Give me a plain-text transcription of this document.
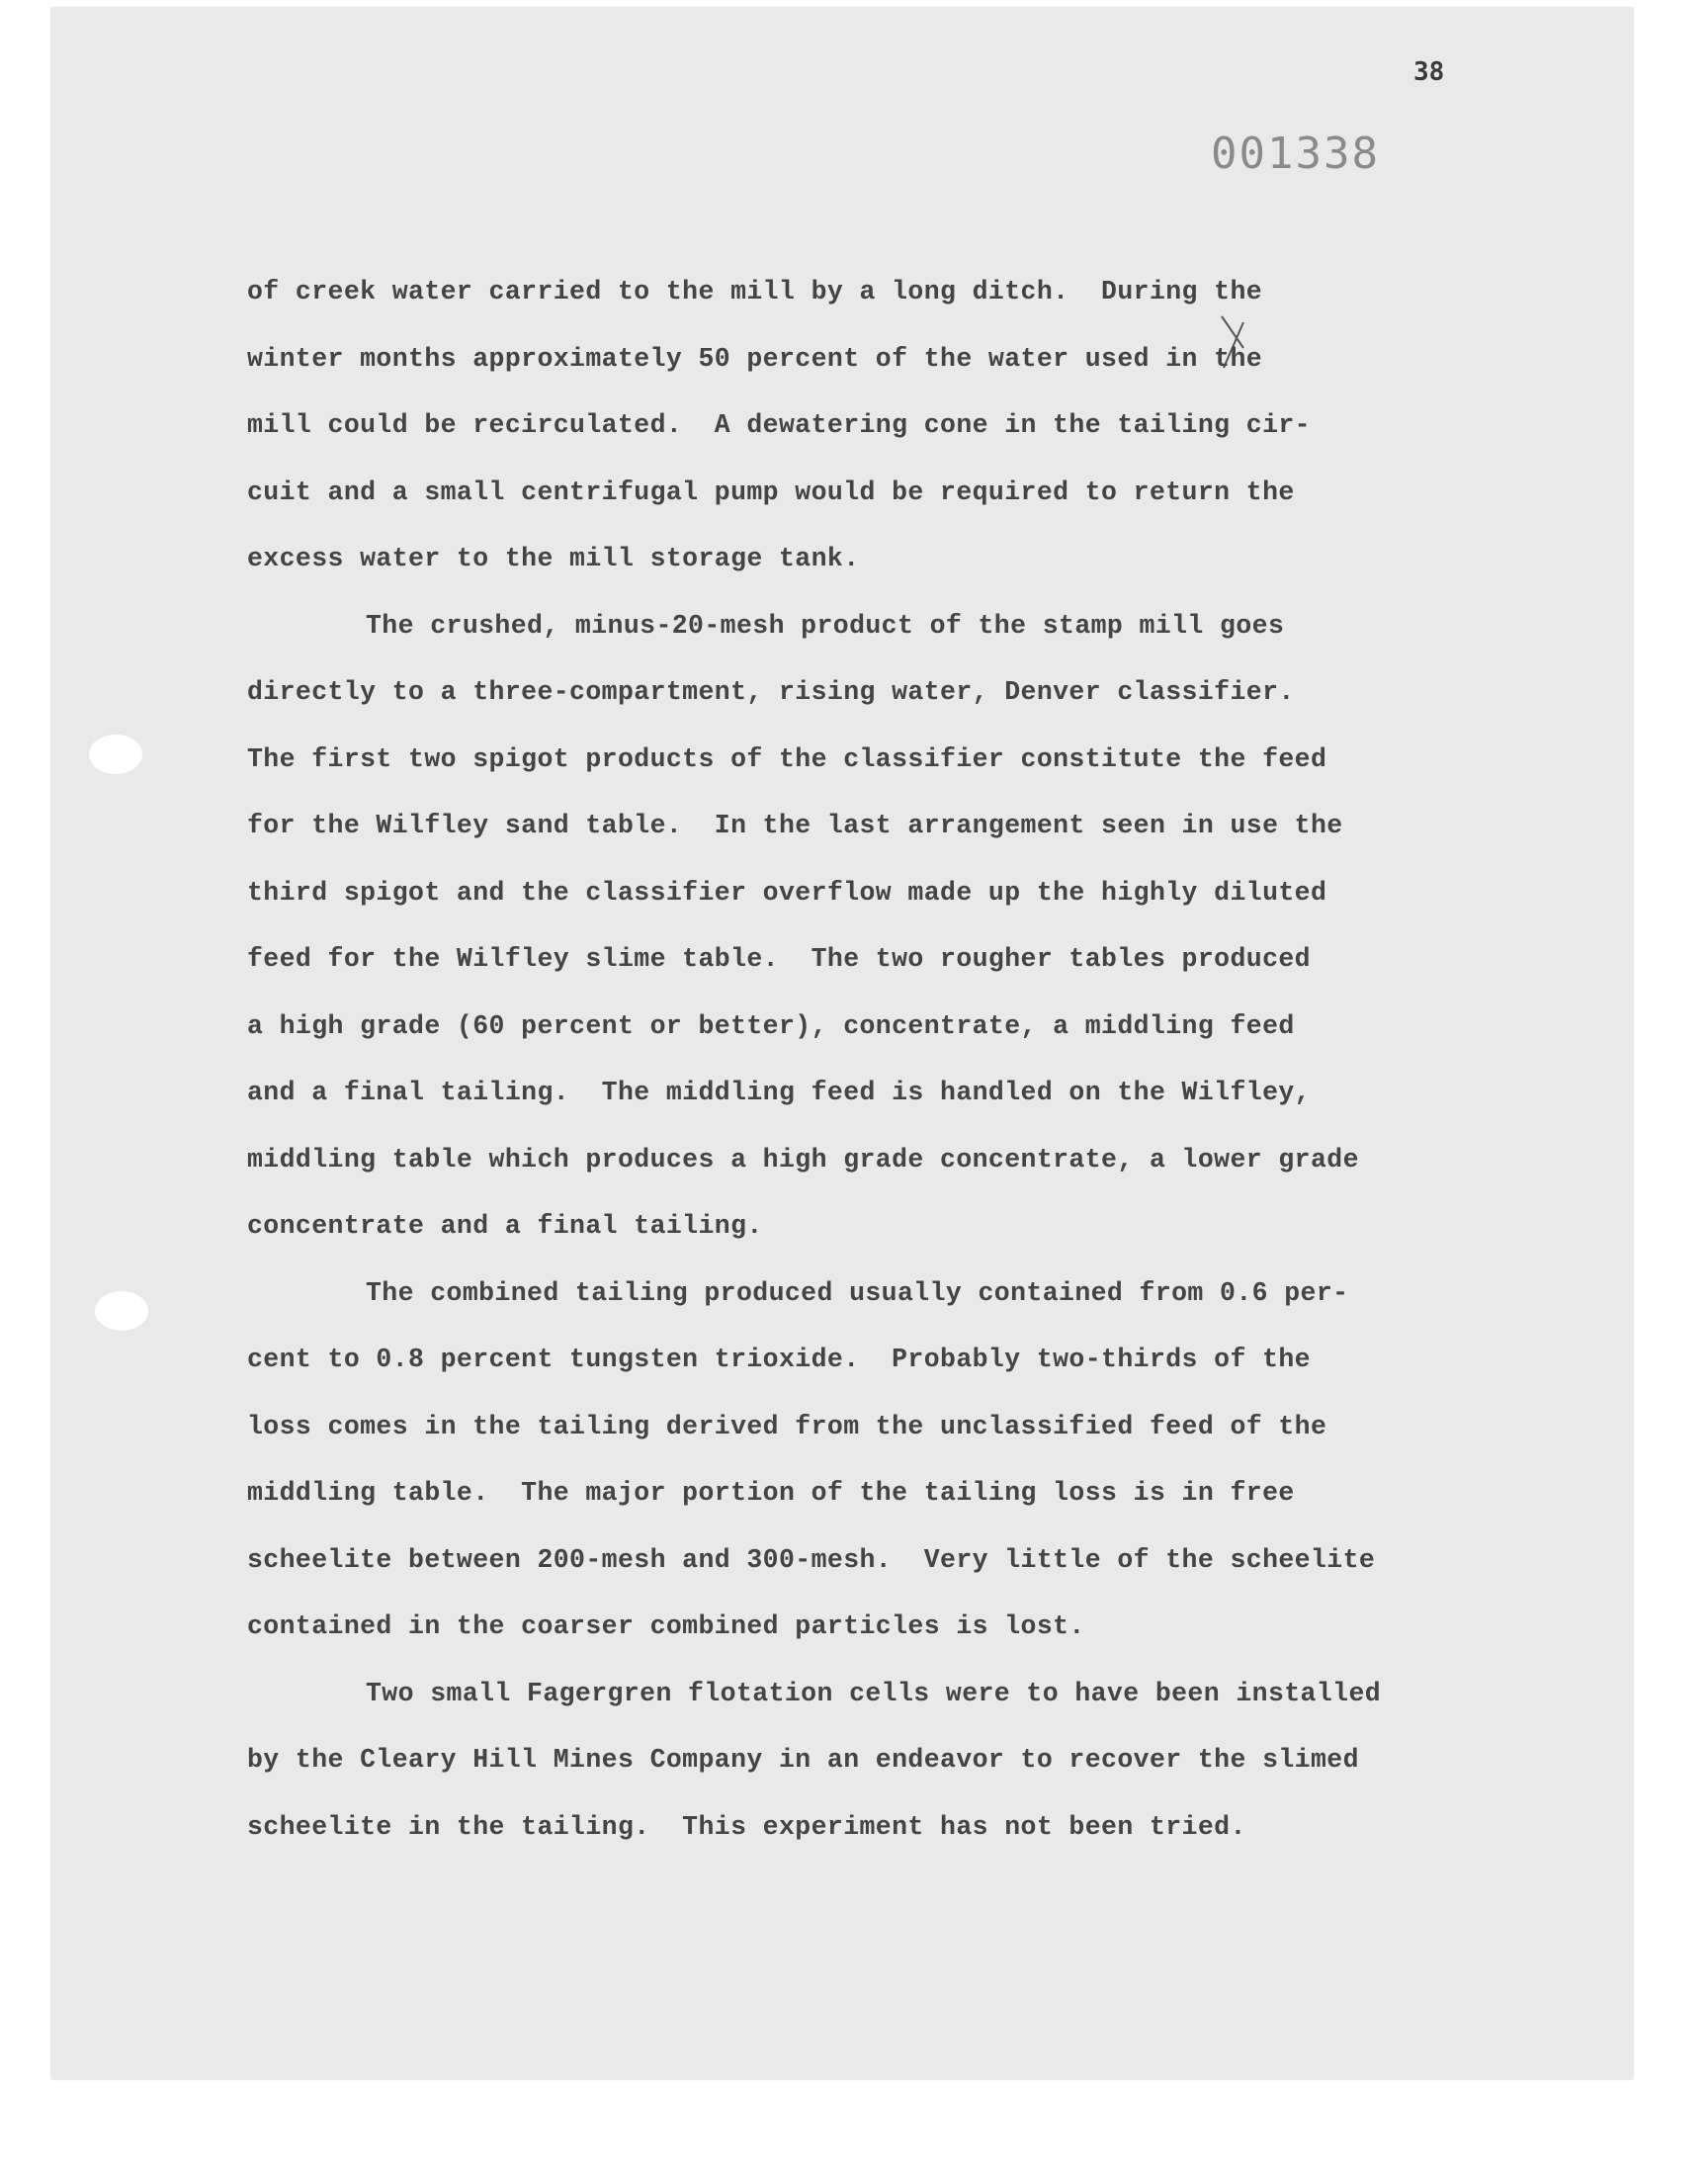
38
001338
of creek water carried to the mill by a long ditch.  During the
winter months approximately 50 percent of the water used in the
mill could be recirculated.  A dewatering cone in the tailing cir-
cuit and a small centrifugal pump would be required to return the
excess water to the mill storage tank.
The crushed, minus-20-mesh product of the stamp mill goes
directly to a three-compartment, rising water, Denver classifier.
The first two spigot products of the classifier constitute the feed
for the Wilfley sand table.  In the last arrangement seen in use the
third spigot and the classifier overflow made up the highly diluted
feed for the Wilfley slime table.  The two rougher tables produced
a high grade (60 percent or better), concentrate, a middling feed
and a final tailing.  The middling feed is handled on the Wilfley,
middling table which produces a high grade concentrate, a lower grade
concentrate and a final tailing.
The combined tailing produced usually contained from 0.6 per-
cent to 0.8 percent tungsten trioxide.  Probably two-thirds of the
loss comes in the tailing derived from the unclassified feed of the
middling table.  The major portion of the tailing loss is in free
scheelite between 200-mesh and 300-mesh.  Very little of the scheelite
contained in the coarser combined particles is lost.
Two small Fagergren flotation cells were to have been installed
by the Cleary Hill Mines Company in an endeavor to recover the slimed
scheelite in the tailing.  This experiment has not been tried.
